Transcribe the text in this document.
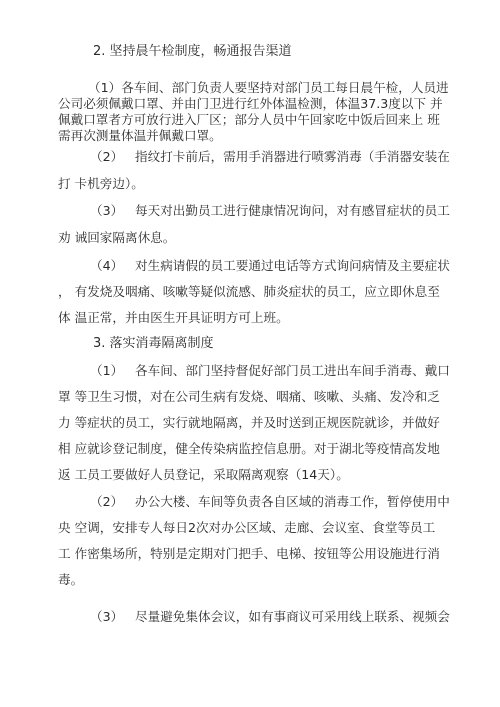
2. 坚持晨午检制度，畅通报告渠道
（1）各车间、部门负责人要坚持对部门员工每日晨午检，人员进
公司必须佩戴口罩、并由门卫进行红外体温检测，体温37.3度以下 并
佩戴口罩者方可放行进入厂区；部分人员中午回家吃中饭后回来上 班
需再次测量体温并佩戴口罩。
（2） 指纹打卡前后，需用手消器进行喷雾消毒（手消器安装在
打 卡机旁边）。
（3） 每天对出勤员工进行健康情况询问，对有感冒症状的员工
劝 诫回家隔离休息。
（4） 对生病请假的员工要通过电话等方式询问病情及主要症状
， 有发烧及咽痛、咳嗽等疑似流感、肺炎症状的员工，应立即休息至
体 温正常，并由医生开具证明方可上班。
3. 落实消毒隔离制度
（1） 各车间、部门坚持督促好部门员工进出车间手消毒、戴口
罩 等卫生习惯，对在公司生病有发烧、咽痛、咳嗽、头痛、发冷和乏
力 等症状的员工，实行就地隔离，并及时送到正规医院就诊，并做好
相 应就诊登记制度，健全传染病监控信息册。对于湖北等疫情高发地
返 工员工要做好人员登记，采取隔离观察（14天）。
（2） 办公大楼、车间等负责各自区域的消毒工作，暂停使用中
央 空调，安排专人每日2次对办公区域、走廊、会议室、食堂等员工
工 作密集场所，特别是定期对门把手、电梯、按钮等公用设施进行消
毒。
（3） 尽量避免集体会议，如有事商议可采用线上联系、视频会
